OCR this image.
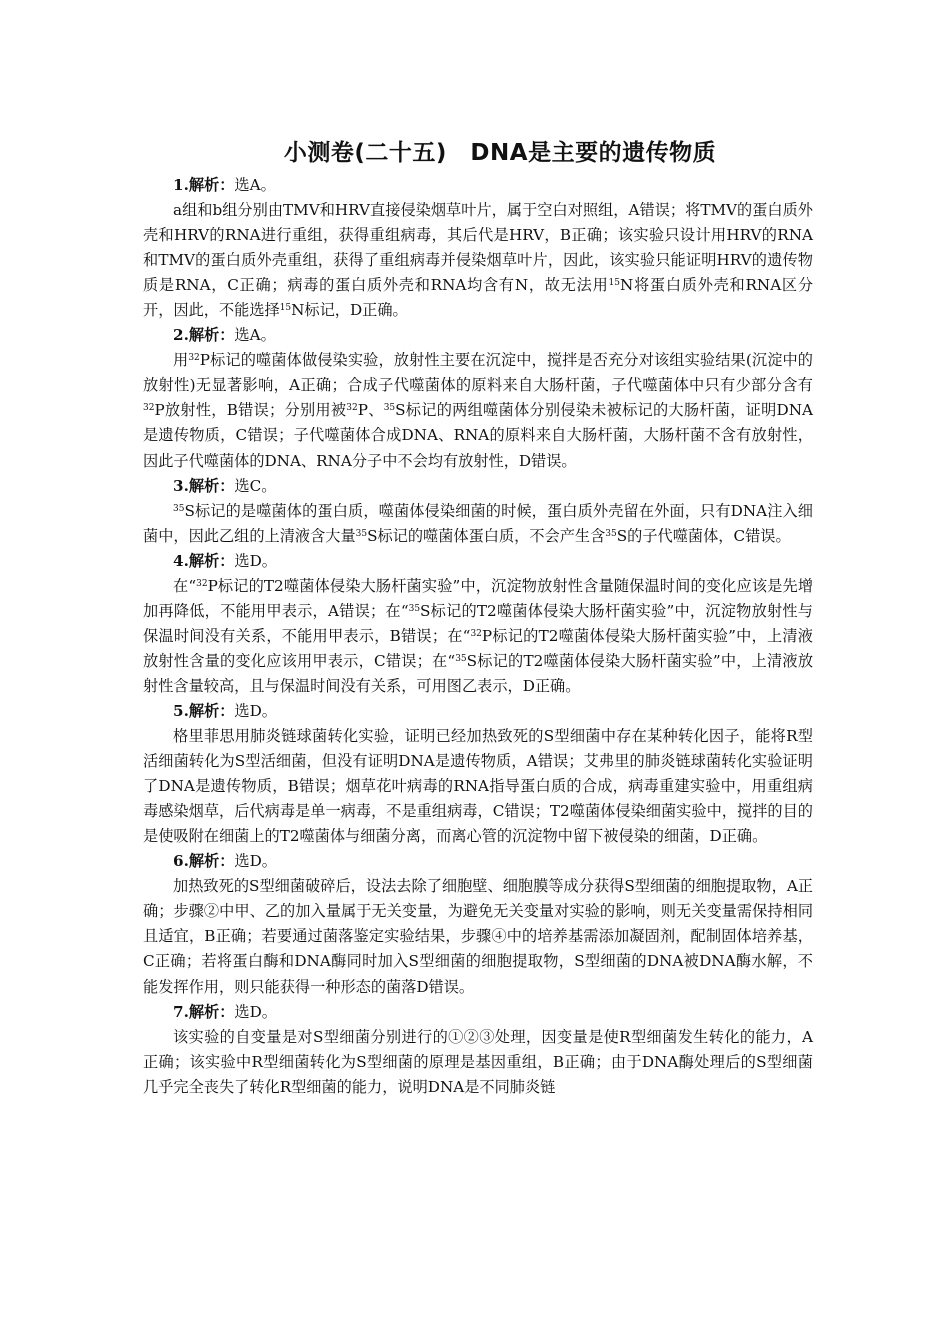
小测卷(二十五)　DNA是主要的遗传物质
1.解析：选A。
a组和b组分别由TMV和HRV直接侵染烟草叶片，属于空白对照组，A错误；将TMV的蛋白质外壳和HRV的RNA进行重组，获得重组病毒，其后代是HRV，B正确；该实验只设计用HRV的RNA和TMV的蛋白质外壳重组，获得了重组病毒并侵染烟草叶片，因此，该实验只能证明HRV的遗传物质是RNA，C正确；病毒的蛋白质外壳和RNA均含有N，故无法用$^{15}$N将蛋白质外壳和RNA区分开，因此，不能选择$^{15}$N标记，D正确。
2.解析：选A。
用$^{32}$P标记的噬菌体做侵染实验，放射性主要在沉淀中，搅拌是否充分对该组实验结果(沉淀中的放射性)无显著影响，A正确；合成子代噬菌体的原料来自大肠杆菌，子代噬菌体中只有少部分含有$^{32}$P放射性，B错误；分别用被$^{32}$P、$^{35}$S标记的两组噬菌体分别侵染未被标记的大肠杆菌，证明DNA是遗传物质，C错误；子代噬菌体合成DNA、RNA的原料来自大肠杆菌，大肠杆菌不含有放射性，因此子代噬菌体的DNA、RNA分子中不会均有放射性，D错误。
3.解析：选C。
$^{35}$S标记的是噬菌体的蛋白质，噬菌体侵染细菌的时候，蛋白质外壳留在外面，只有DNA注入细菌中，因此乙组的上清液含大量$^{35}$S标记的噬菌体蛋白质，不会产生含$^{35}$S的子代噬菌体，C错误。
4.解析：选D。
在“$^{32}$P标记的T2噬菌体侵染大肠杆菌实验”中，沉淀物放射性含量随保温时间的变化应该是先增加再降低，不能用甲表示，A错误；在“$^{35}$S标记的T2噬菌体侵染大肠杆菌实验”中，沉淀物放射性与保温时间没有关系，不能用甲表示，B错误；在“$^{32}$P标记的T2噬菌体侵染大肠杆菌实验”中，上清液放射性含量的变化应该用甲表示，C错误；在“$^{35}$S标记的T2噬菌体侵染大肠杆菌实验”中，上清液放射性含量较高，且与保温时间没有关系，可用图乙表示，D正确。
5.解析：选D。
格里菲思用肺炎链球菌转化实验，证明已经加热致死的S型细菌中存在某种转化因子，能将R型活细菌转化为S型活细菌，但没有证明DNA是遗传物质，A错误；艾弗里的肺炎链球菌转化实验证明了DNA是遗传物质，B错误；烟草花叶病毒的RNA指导蛋白质的合成，病毒重建实验中，用重组病毒感染烟草，后代病毒是单一病毒，不是重组病毒，C错误；T2噬菌体侵染细菌实验中，搅拌的目的是使吸附在细菌上的T2噬菌体与细菌分离，而离心管的沉淀物中留下被侵染的细菌，D正确。
6.解析：选D。
加热致死的S型细菌破碎后，设法去除了细胞壁、细胞膜等成分获得S型细菌的细胞提取物，A正确；步骤②中甲、乙的加入量属于无关变量，为避免无关变量对实验的影响，则无关变量需保持相同且适宜，B正确；若要通过菌落鉴定实验结果，步骤④中的培养基需添加凝固剂，配制固体培养基，C正确；若将蛋白酶和DNA酶同时加入S型细菌的细胞提取物，S型细菌的DNA被DNA酶水解，不能发挥作用，则只能获得一种形态的菌落D错误。
7.解析：选D。
该实验的自变量是对S型细菌分别进行的①②③处理，因变量是使R型细菌发生转化的能力，A正确；该实验中R型细菌转化为S型细菌的原理是基因重组，B正确；由于DNA酶处理后的S型细菌几乎完全丧失了转化R型细菌的能力，说明DNA是不同肺炎链
